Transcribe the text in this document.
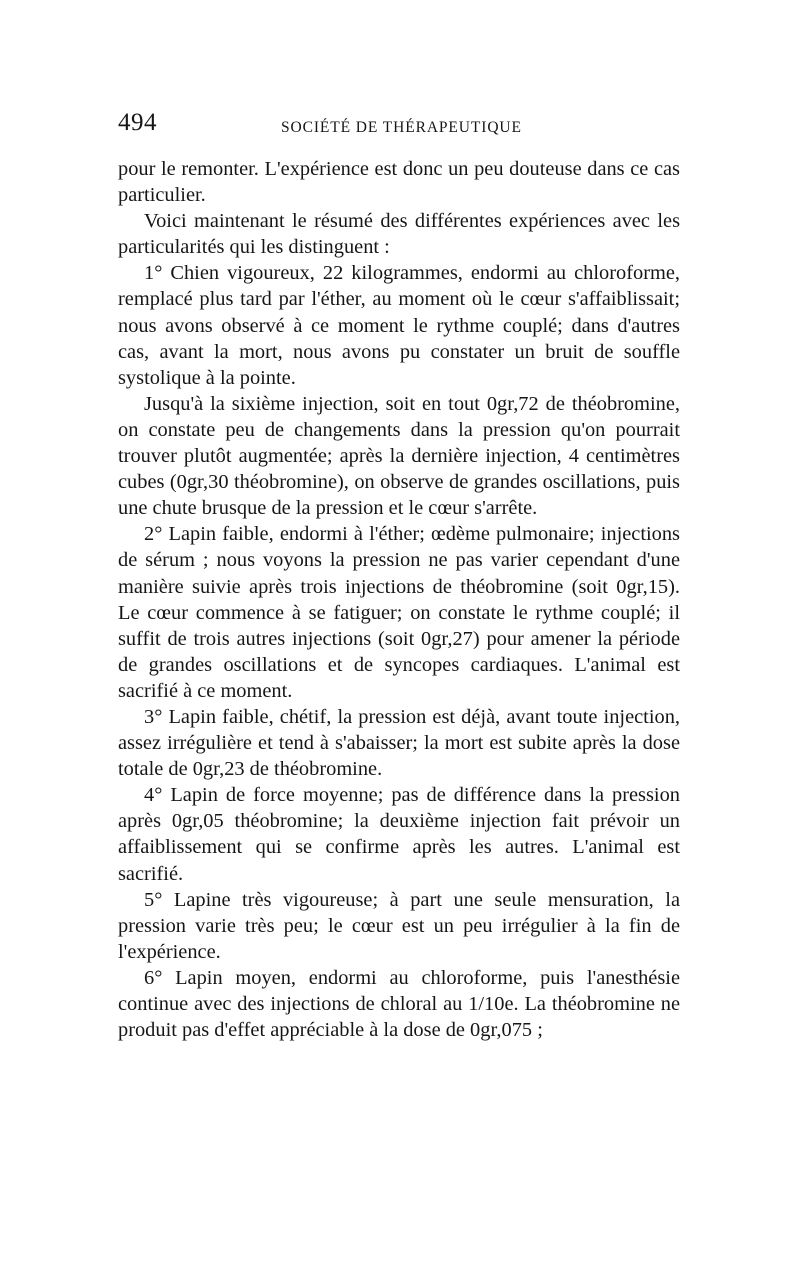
494	SOCIÉTÉ DE THÉRAPEUTIQUE

pour le remonter. L'expérience est donc un peu douteuse dans ce cas particulier.

Voici maintenant le résumé des différentes expériences avec les particularités qui les distinguent :

1° Chien vigoureux, 22 kilogrammes, endormi au chloroforme, remplacé plus tard par l'éther, au moment où le cœur s'affaiblissait; nous avons observé à ce moment le rythme couplé; dans d'autres cas, avant la mort, nous avons pu constater un bruit de souffle systolique à la pointe.

Jusqu'à la sixième injection, soit en tout 0gr,72 de théobromine, on constate peu de changements dans la pression qu'on pourrait trouver plutôt augmentée; après la dernière injection, 4 centimètres cubes (0gr,30 théobromine), on observe de grandes oscillations, puis une chute brusque de la pression et le cœur s'arrête.

2° Lapin faible, endormi à l'éther; œdème pulmonaire; injections de sérum ; nous voyons la pression ne pas varier cependant d'une manière suivie après trois injections de théobromine (soit 0gr,15). Le cœur commence à se fatiguer; on constate le rythme couplé; il suffit de trois autres injections (soit 0gr,27) pour amener la période de grandes oscillations et de syncopes cardiaques. L'animal est sacrifié à ce moment.

3° Lapin faible, chétif, la pression est déjà, avant toute injection, assez irrégulière et tend à s'abaisser; la mort est subite après la dose totale de 0gr,23 de théobromine.

4° Lapin de force moyenne; pas de différence dans la pression après 0gr,05 théobromine; la deuxième injection fait prévoir un affaiblissement qui se confirme après les autres. L'animal est sacrifié.

5° Lapine très vigoureuse; à part une seule mensuration, la pression varie très peu; le cœur est un peu irrégulier à la fin de l'expérience.

6° Lapin moyen, endormi au chloroforme, puis l'anesthésie continue avec des injections de chloral au 1/10e. La théobromine ne produit pas d'effet appréciable à la dose de 0gr,075 ;
